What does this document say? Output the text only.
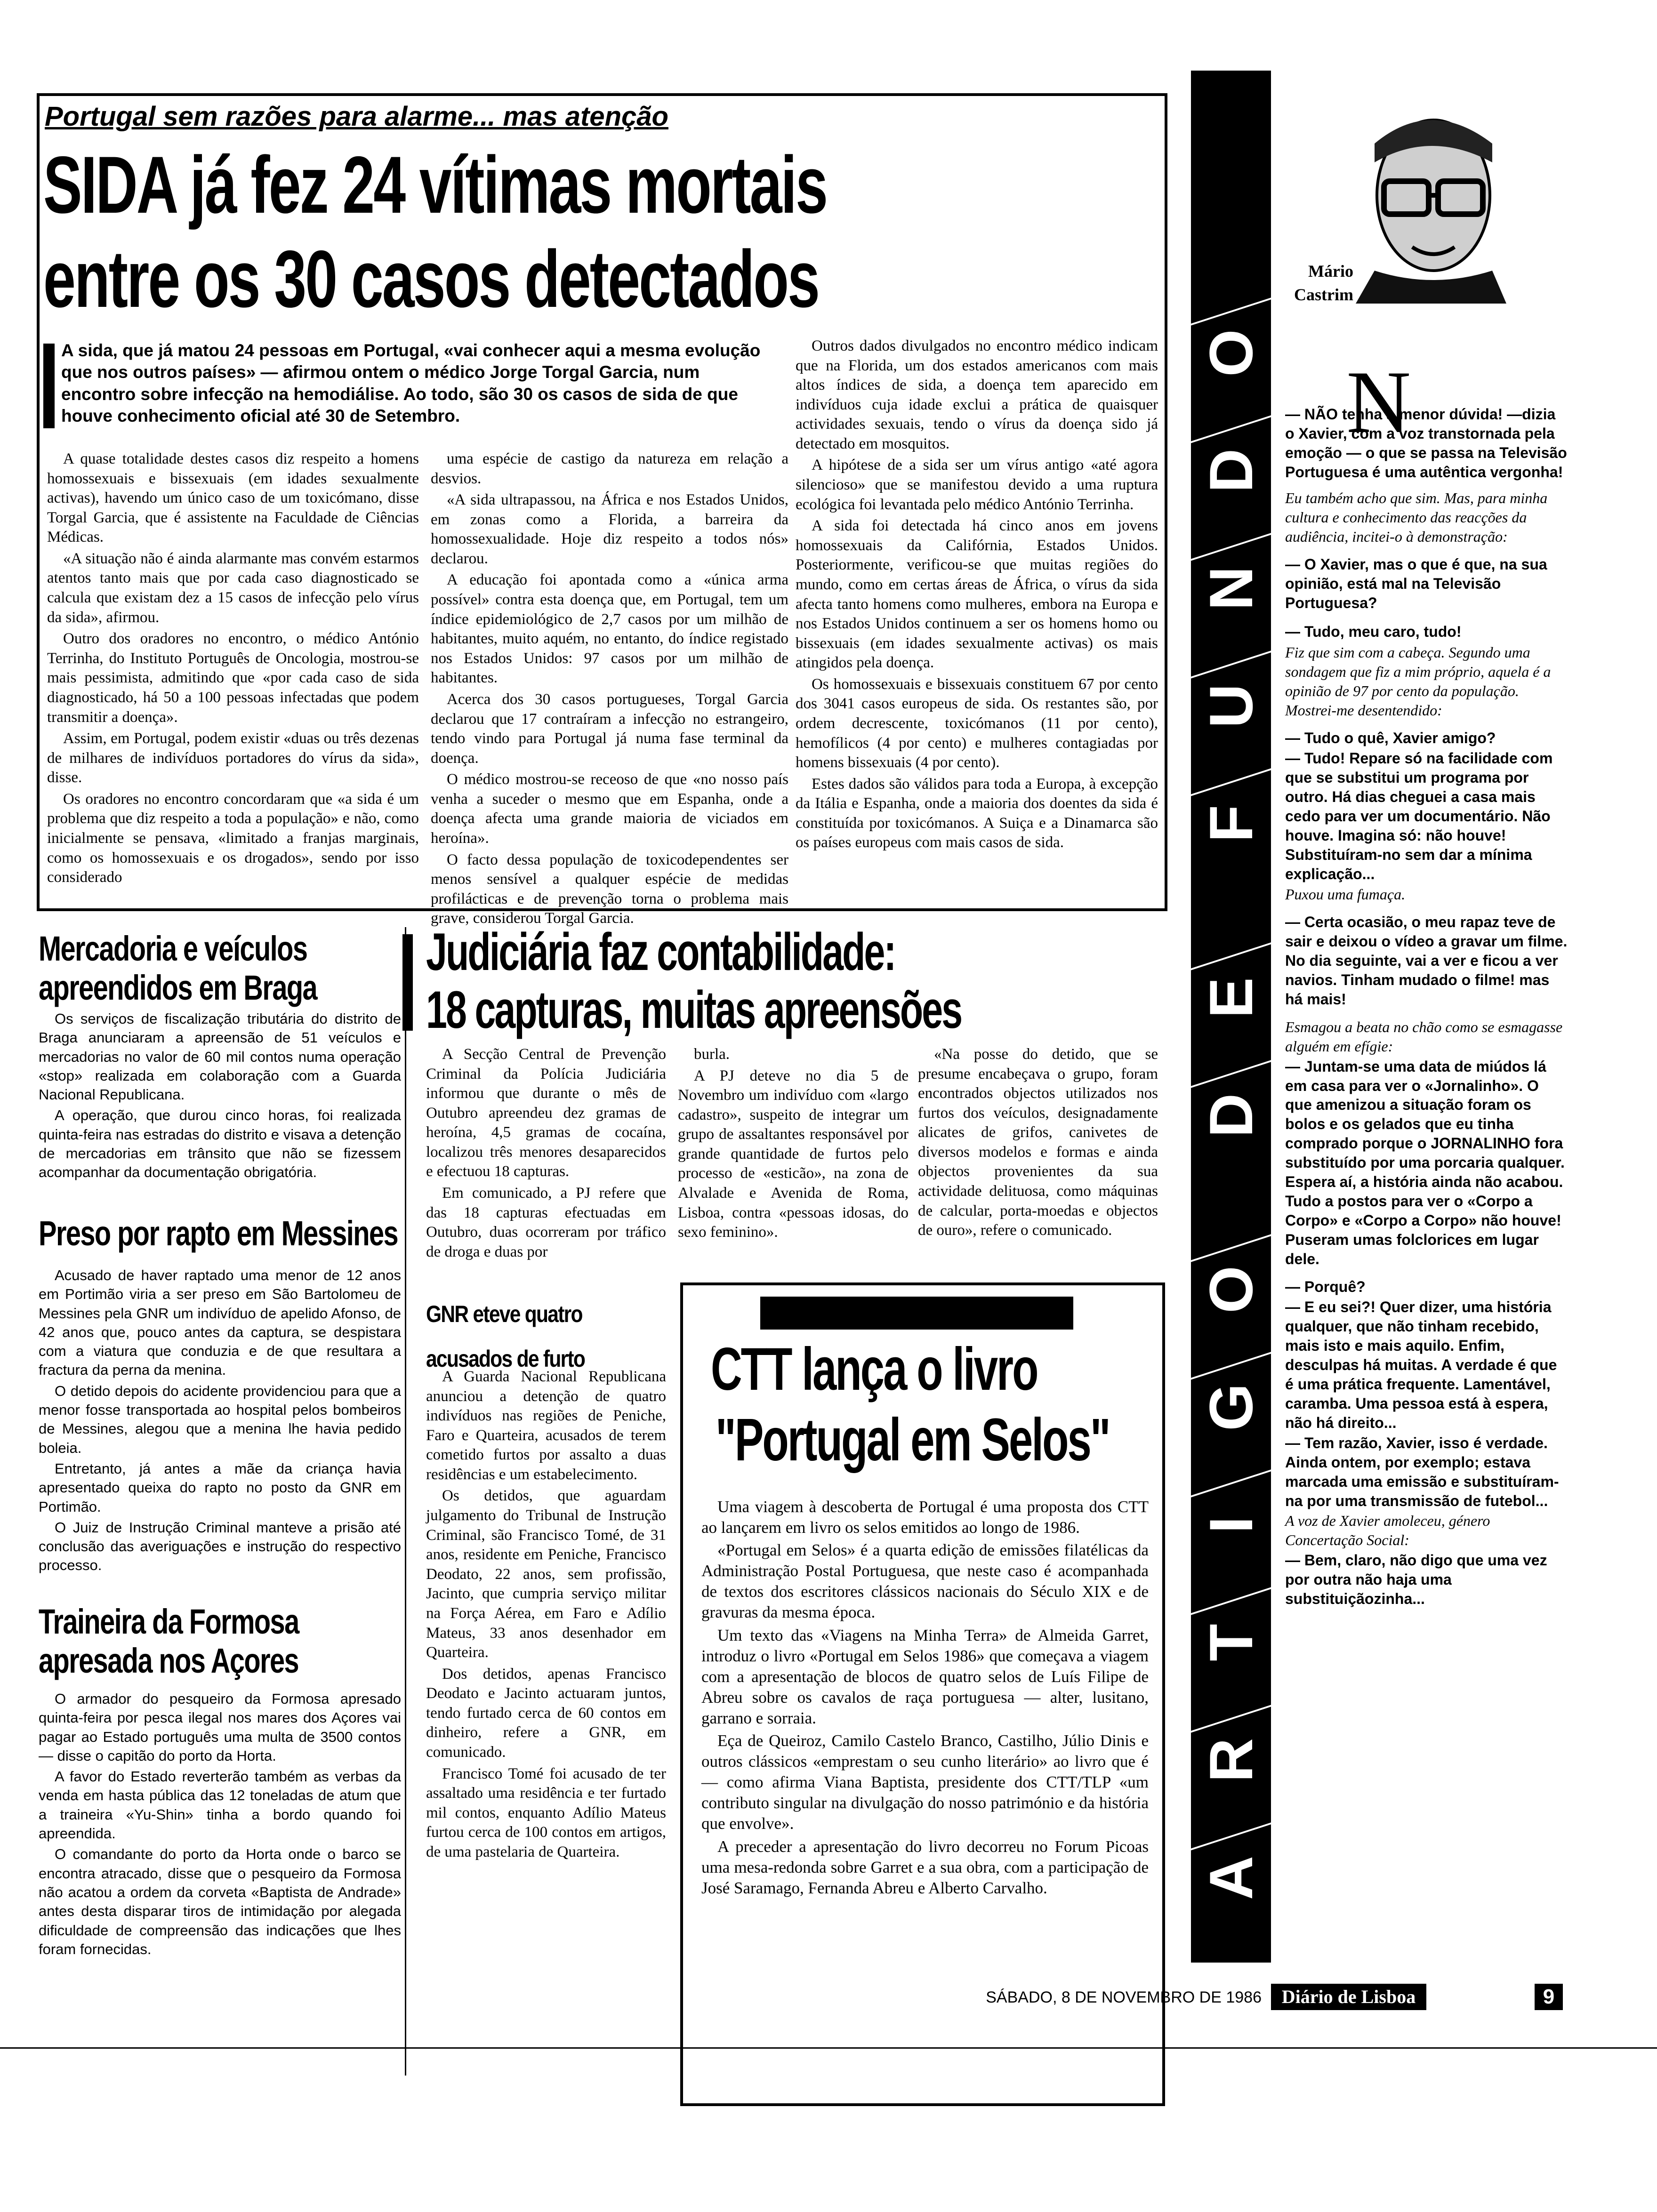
Portugal sem razões para alarme... mas atenção
SIDA já fez 24 vítimas mortais
entre os 30 casos detectados
A sida, que já matou 24 pessoas em Portugal, «vai conhecer aqui a mesma evolução que nos outros países» — afirmou ontem o médico Jorge Torgal Garcia, num encontro sobre infecção na hemodiálise. Ao todo, são 30 os casos de sida de que houve conhecimento oficial até 30 de Setembro.

A quase totalidade destes casos diz respeito a homens homossexuais e bissexuais (em idades sexualmente activas), havendo um único caso de um toxicómano, disse Torgal Garcia, que é assistente na Faculdade de Ciências Médicas.

«A situação não é ainda alarmante mas convém estarmos atentos tanto mais que por cada caso diagnosticado se calcula que existam dez a 15 casos de infecção pelo vírus da sida», afirmou.

Outro dos oradores no encontro, o médico António Terrinha, do Instituto Português de Oncologia, mostrou-se mais pessimista, admitindo que «por cada caso de sida diagnosticado, há 50 a 100 pessoas infectadas que podem transmitir a doença».

Assim, em Portugal, podem existir «duas ou três dezenas de milhares de indivíduos portadores do vírus da sida», disse.

Os oradores no encontro concordaram que «a sida é um problema que diz respeito a toda a população» e não, como inicialmente se pensava, «limitado a franjas marginais, como os homossexuais e os drogados», sendo por isso considerado

uma espécie de castigo da natureza em relação a desvios.

«A sida ultrapassou, na África e nos Estados Unidos, em zonas como a Florida, a barreira da homossexualidade. Hoje diz respeito a todos nós» declarou.

A educação foi apontada como a «única arma possível» contra esta doença que, em Portugal, tem um índice epidemiológico de 2,7 casos por um milhão de habitantes, muito aquém, no entanto, do índice registado nos Estados Unidos: 97 casos por um milhão de habitantes.

Acerca dos 30 casos portugueses, Torgal Garcia declarou que 17 contraíram a infecção no estrangeiro, tendo vindo para Portugal já numa fase terminal da doença.

O médico mostrou-se receoso de que «no nosso país venha a suceder o mesmo que em Espanha, onde a doença afecta uma grande maioria de viciados em heroína».

O facto dessa população de toxicodependentes ser menos sensível a qualquer espécie de medidas profilácticas e de prevenção torna o problema mais grave, considerou Torgal Garcia.

Outros dados divulgados no encontro médico indicam que na Florida, um dos estados americanos com mais altos índices de sida, a doença tem aparecido em indivíduos cuja idade exclui a prática de quaisquer actividades sexuais, tendo o vírus da doença sido já detectado em mosquitos.

A hipótese de a sida ser um vírus antigo «até agora silencioso» que se manifestou devido a uma ruptura ecológica foi levantada pelo médico António Terrinha.

A sida foi detectada há cinco anos em jovens homossexuais da Califórnia, Estados Unidos. Posteriormente, verificou-se que muitas regiões do mundo, como em certas áreas de África, o vírus da sida afecta tanto homens como mulheres, embora na Europa e nos Estados Unidos continuem a ser os homens homo ou bissexuais (em idades sexualmente activas) os mais atingidos pela doença.

Os homossexuais e bissexuais constituem 67 por cento dos 3041 casos europeus de sida. Os restantes são, por ordem decrescente, toxicómanos (11 por cento), hemofílicos (4 por cento) e mulheres contagiadas por homens bissexuais (4 por cento).

Estes dados são válidos para toda a Europa, à excepção da Itália e Espanha, onde a maioria dos doentes da sida é constituída por toxicómanos. A Suiça e a Dinamarca são os países europeus com mais casos de sida.

Mercadoria e veículos apreendidos em Braga

Os serviços de fiscalização tributária do distrito de Braga anunciaram a apreensão de 51 veículos e mercadorias no valor de 60 mil contos numa operação «stop» realizada em colaboração com a Guarda Nacional Republicana.

A operação, que durou cinco horas, foi realizada quinta-feira nas estradas do distrito e visava a detenção de mercadorias em trânsito que não se fizessem acompanhar da documentação obrigatória.

Preso por rapto em Messines

Acusado de haver raptado uma menor de 12 anos em Portimão viria a ser preso em São Bartolomeu de Messines pela GNR um indivíduo de apelido Afonso, de 42 anos que, pouco antes da captura, se despistara com a viatura que conduzia e de que resultara a fractura da perna da menina.

O detido depois do acidente providenciou para que a menor fosse transportada ao hospital pelos bombeiros de Messines, alegou que a menina lhe havia pedido boleia.

Entretanto, já antes a mãe da criança havia apresentado queixa do rapto no posto da GNR em Portimão.

O Juiz de Instrução Criminal manteve a prisão até conclusão das averiguações e instrução do respectivo processo.

Traineira da Formosa apresada nos Açores

O armador do pesqueiro da Formosa apresado quinta-feira por pesca ilegal nos mares dos Açores vai pagar ao Estado português uma multa de 3500 contos — disse o capitão do porto da Horta.

A favor do Estado reverterão também as verbas da venda em hasta pública das 12 toneladas de atum que a traineira «Yu-Shin» tinha a bordo quando foi apreendida.

O comandante do porto da Horta onde o barco se encontra atracado, disse que o pesqueiro da Formosa não acatou a ordem da corveta «Baptista de Andrade» antes desta disparar tiros de intimidação por alegada dificuldade de compreensão das indicações que lhes foram fornecidas.

Judiciária faz contabilidade:
18 capturas, muitas apreensões

A Secção Central de Prevenção Criminal da Polícia Judiciária informou que durante o mês de Outubro apreendeu dez gramas de heroína, 4,5 gramas de cocaína, localizou três menores desaparecidos e efectuou 18 capturas.

Em comunicado, a PJ refere que das 18 capturas efectuadas em Outubro, duas ocorreram por tráfico de droga e duas por

burla.

A PJ deteve no dia 5 de Novembro um indivíduo com «largo cadastro», suspeito de integrar um grupo de assaltantes responsável por grande quantidade de furtos pelo processo de «esticão», na zona de Alvalade e Avenida de Roma, Lisboa, contra «pessoas idosas, do sexo feminino».

«Na posse do detido, que se presume encabeçava o grupo, foram encontrados objectos utilizados nos furtos dos veículos, designadamente alicates de grifos, canivetes de diversos modelos e formas e ainda objectos provenientes da sua actividade delituosa, como máquinas de calcular, porta-moedas e objectos de ouro», refere o comunicado.

GNR eteve quatro acusados de furto

A Guarda Nacional Republicana anunciou a detenção de quatro indivíduos nas regiões de Peniche, Faro e Quarteira, acusados de terem cometido furtos por assalto a duas residências e um estabelecimento.

Os detidos, que aguardam julgamento do Tribunal de Instrução Criminal, são Francisco Tomé, de 31 anos, residente em Peniche, Francisco Deodato, 22 anos, sem profissão, Jacinto, que cumpria serviço militar na Força Aérea, em Faro e Adílio Mateus, 33 anos desenhador em Quarteira.

Dos detidos, apenas Francisco Deodato e Jacinto actuaram juntos, tendo furtado cerca de 60 contos em dinheiro, refere a GNR, em comunicado.

Francisco Tomé foi acusado de ter assaltado uma residência e ter furtado mil contos, enquanto Adílio Mateus furtou cerca de 100 contos em artigos, de uma pastelaria de Quarteira.

CTT lança o livro
"Portugal em Selos"

Uma viagem à descoberta de Portugal é uma proposta dos CTT ao lançarem em livro os selos emitidos ao longo de 1986.

«Portugal em Selos» é a quarta edição de emissões filatélicas da Administração Postal Portuguesa, que neste caso é acompanhada de textos dos escritores clássicos nacionais do Século XIX e de gravuras da mesma época.

Um texto das «Viagens na Minha Terra» de Almeida Garret, introduz o livro «Portugal em Selos 1986» que começava a viagem com a apresentação de blocos de quatro selos de Luís Filipe de Abreu sobre os cavalos de raça portuguesa — alter, lusitano, garrano e sorraia.

Eça de Queiroz, Camilo Castelo Branco, Castilho, Júlio Dinis e outros clássicos «emprestam o seu cunho literário» ao livro que é — como afirma Viana Baptista, presidente dos CTT/TLP «um contributo singular na divulgação do nosso património e da história que envolve».

A preceder a apresentação do livro decorreu no Forum Picoas uma mesa-redonda sobre Garret e a sua obra, com a participação de José Saramago, Fernanda Abreu e Alberto Carvalho.	A
R
T
I
G
O
D
E
F
U
N
D
O
Mário
Castrim
N

— NÃO tenha a menor dúvida! —dizia o Xavier, com a voz transtornada pela emoção — o que se passa na Televisão Portuguesa é uma autêntica vergonha!

Eu também acho que sim. Mas, para minha cultura e conhecimento das reacções da audiência, incitei-o à demonstração:

— O Xavier, mas o que é que, na sua opinião, está mal na Televisão Portuguesa?

— Tudo, meu caro, tudo!

Fiz que sim com a cabeça. Segundo uma sondagem que fiz a mim próprio, aquela é a opinião de 97 por cento da população. Mostrei-me desentendido:

— Tudo o quê, Xavier amigo?

— Tudo! Repare só na facilidade com que se substitui um programa por outro. Há dias cheguei a casa mais cedo para ver um documentário. Não houve. Imagina só: não houve! Substituíram-no sem dar a mínima explicação...

Puxou uma fumaça.

— Certa ocasião, o meu rapaz teve de sair e deixou o vídeo a gravar um filme. No dia seguinte, vai a ver e ficou a ver navios. Tinham mudado o filme! mas há mais!

Esmagou a beata no chão como se esmagasse alguém em efígie:

— Juntam-se uma data de miúdos lá em casa para ver o «Jornalinho». O que amenizou a situação foram os bolos e os gelados que eu tinha comprado porque o JORNALINHO fora substituído por uma porcaria qualquer. Espera aí, a história ainda não acabou. Tudo a postos para ver o «Corpo a Corpo» e «Corpo a Corpo» não houve! Puseram umas folclorices em lugar dele.

— Porquê?

— E eu sei?! Quer dizer, uma história qualquer, que não tinham recebido, mais isto e mais aquilo. Enfim, desculpas há muitas. A verdade é que é uma prática frequente. Lamentável, caramba. Uma pessoa está à espera, não há direito...

— Tem razão, Xavier, isso é verdade. Ainda ontem, por exemplo; estava marcada uma emissão e substituíram-na por uma transmissão de futebol...

A voz de Xavier amoleceu, género Concertação Social:

— Bem, claro, não digo que uma vez por outra não haja uma substituiçãozinha...

SÁBADO, 8 DE NOVEMBRO DE 1986	Diário de Lisboa	9
